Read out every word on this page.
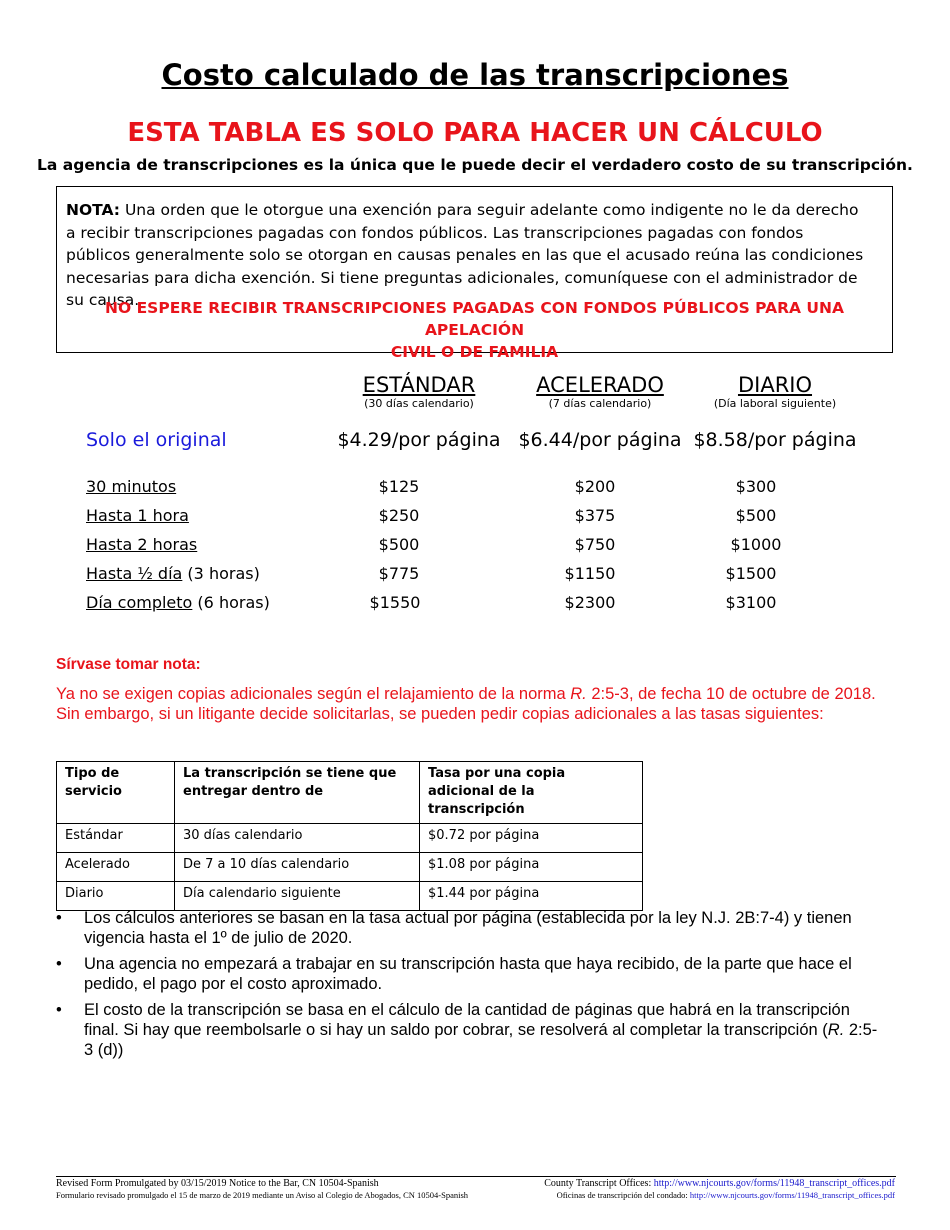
Costo calculado de las transcripciones
ESTA TABLA ES SOLO PARA HACER UN CÁLCULO
La agencia de transcripciones es la única que le puede decir el verdadero costo de su transcripción.
NOTA: Una orden que le otorgue una exención para seguir adelante como indigente no le da derecho a recibir transcripciones pagadas con fondos públicos. Las transcripciones pagadas con fondos públicos generalmente solo se otorgan en causas penales en las que el acusado reúna las condiciones necesarias para dicha exención. Si tiene preguntas adicionales, comuníquese con el administrador de su causa.
NO ESPERE RECIBIR TRANSCRIPCIONES PAGADAS CON FONDOS PÚBLICOS PARA UNA APELACIÓN
CIVIL O DE FAMILIA
ESTÁNDAR
(30 días calendario)
ACELERADO
(7 días calendario)
DIARIO
(Día laboral siguiente)
Solo el original	$4.29/por página $6.44/por página $8.58/por página
30 minutos	$125	$200	$300
Hasta 1 hora	$250	$375	$500
Hasta 2 horas	$500	$750	$1000
Hasta ½ día (3 horas)	$775	$1150	$1500
Día completo (6 horas)	$1550	$2300	$3100
Sírvase tomar nota:
Ya no se exigen copias adicionales según el relajamiento de la norma R. 2:5-3, de fecha 10 de octubre de 2018. Sin embargo, si un litigante decide solicitarlas, se pueden pedir copias adicionales a las tasas siguientes:
Tipo de servicio	La transcripción se tiene que entregar dentro de	Tasa por una copia adicional de la transcripción
Estándar	30 días calendario	$0.72 por página
Acelerado	De 7 a 10 días calendario	$1.08 por página
Diario	Día calendario siguiente	$1.44 por página
• Los cálculos anteriores se basan en la tasa actual por página (establecida por la ley N.J. 2B:7-4) y tienen vigencia hasta el 1º de julio de 2020.
• Una agencia no empezará a trabajar en su transcripción hasta que haya recibido, de la parte que hace el pedido, el pago por el costo aproximado.
• El costo de la transcripción se basa en el cálculo de la cantidad de páginas que habrá en la transcripción final. Si hay que reembolsarle o si hay un saldo por cobrar, se resolverá al completar la transcripción (R. 2:5-3 (d))
Revised Form Promulgated by 03/15/2019 Notice to the Bar, CN 10504-Spanish
Formulario revisado promulgado el 15 de marzo de 2019 mediante un Aviso al Colegio de Abogados, CN 10504-Spanish
County Transcript Offices: http://www.njcourts.gov/forms/11948_transcript_offices.pdf
Oficinas de transcripción del condado: http://www.njcourts.gov/forms/11948_transcript_offices.pdf
